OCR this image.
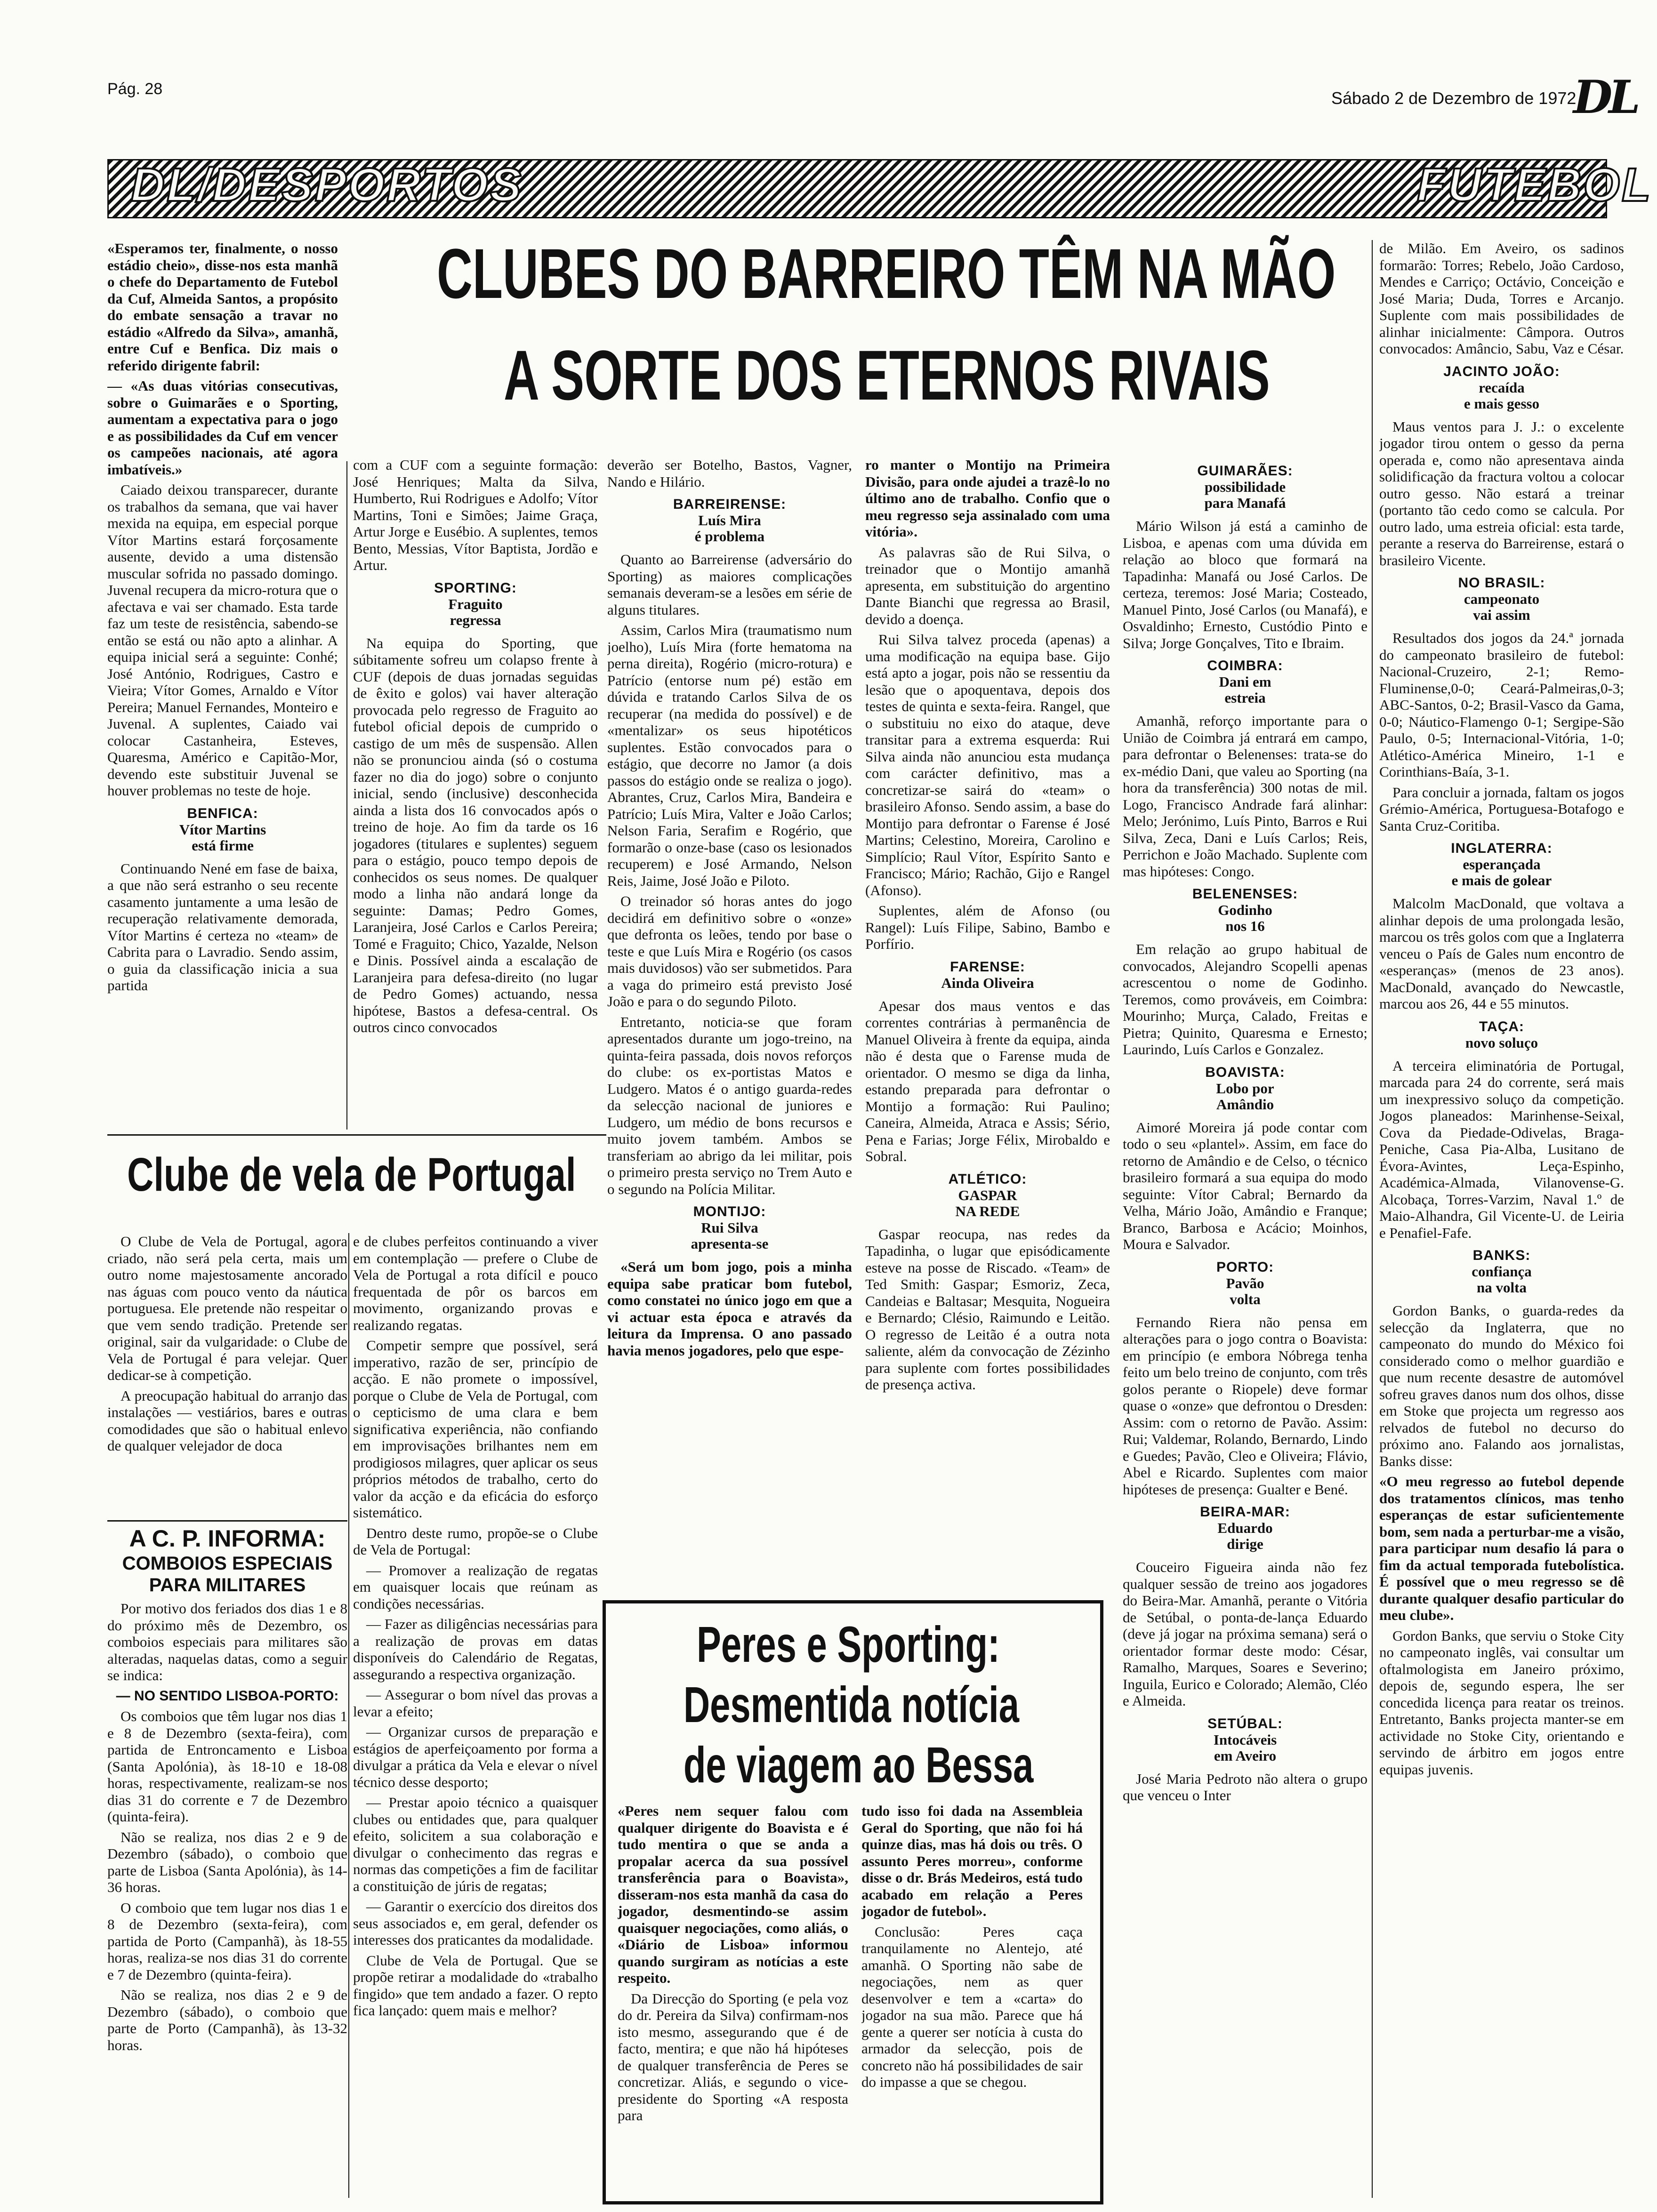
Pág. 28	Sábado 2 de Dezembro de 1972
DL
DL/DESPORTOS	FUTEBOL
CLUBES DO BARREIRO TÊM NA MÃO
A SORTE DOS ETERNOS RIVAIS

«Esperamos ter, finalmente, o nosso estádio cheio», disse-nos esta manhã o chefe do Departamento de Futebol da Cuf, Almeida Santos, a propósito do embate sensação a travar no estádio «Alfredo da Silva», amanhã, entre Cuf e Benfica. Diz mais o referido dirigente fabril:

— «As duas vitórias consecutivas, sobre o Guimarães e o Sporting, aumentam a expectativa para o jogo e as possibilidades da Cuf em vencer os campeões nacionais, até agora imbatíveis.»

Caiado deixou transparecer, durante os trabalhos da semana, que vai haver mexida na equipa, em especial porque Vítor Martins estará forçosamente ausente, devido a uma distensão muscular sofrida no passado domingo. Juvenal recupera da micro-rotura que o afectava e vai ser chamado. Esta tarde faz um teste de resistência, sabendo-se então se está ou não apto a alinhar. A equipa inicial será a seguinte: Conhé; José António, Rodrigues, Castro e Vieira; Vítor Gomes, Arnaldo e Vítor Pereira; Manuel Fernandes, Monteiro e Juvenal. A suplentes, Caiado vai colocar Castanheira, Esteves, Quaresma, Américo e Capitão-Mor, devendo este substituir Juvenal se houver problemas no teste de hoje.

BENFICA:
Vítor Martins
está firme

Continuando Nené em fase de baixa, a que não será estranho o seu recente casamento juntamente a uma lesão de recuperação relativamente demorada, Vítor Martins é certeza no «team» de Cabrita para o Lavradio. Sendo assim, o guia da classificação inicia a sua partida

com a CUF com a seguinte formação: José Henriques; Malta da Silva, Humberto, Rui Rodrigues e Adolfo; Vítor Martins, Toni e Simões; Jaime Graça, Artur Jorge e Eusébio. A suplentes, temos Bento, Messias, Vítor Baptista, Jordão e Artur.

SPORTING:
Fraguito
regressa

Na equipa do Sporting, que súbitamente sofreu um colapso frente à CUF (depois de duas jornadas seguidas de êxito e golos) vai haver alteração provocada pelo regresso de Fraguito ao futebol oficial depois de cumprido o castigo de um mês de suspensão. Allen não se pronunciou ainda (só o costuma fazer no dia do jogo) sobre o conjunto inicial, sendo (inclusive) desconhecida ainda a lista dos 16 convocados após o treino de hoje. Ao fim da tarde os 16 jogadores (titulares e suplentes) seguem para o estágio, pouco tempo depois de conhecidos os seus nomes. De qualquer modo a linha não andará longe da seguinte: Damas; Pedro Gomes, Laranjeira, José Carlos e Carlos Pereira; Tomé e Fraguito; Chico, Yazalde, Nelson e Dinis. Possível ainda a escalação de Laranjeira para defesa-direito (no lugar de Pedro Gomes) actuando, nessa hipótese, Bastos a defesa-central. Os outros cinco convocados

deverão ser Botelho, Bastos, Vagner, Nando e Hilário.

BARREIRENSE:
Luís Mira
é problema

Quanto ao Barreirense (adversário do Sporting) as maiores complicações semanais deveram-se a lesões em série de alguns titulares.

Assim, Carlos Mira (traumatismo num joelho), Luís Mira (forte hematoma na perna direita), Rogério (micro-rotura) e Patrício (entorse num pé) estão em dúvida e tratando Carlos Silva de os recuperar (na medida do possível) e de «mentalizar» os seus hipotéticos suplentes. Estão convocados para o estágio, que decorre no Jamor (a dois passos do estágio onde se realiza o jogo). Abrantes, Cruz, Carlos Mira, Bandeira e Patrício; Luís Mira, Valter e João Carlos; Nelson Faria, Serafim e Rogério, que formarão o onze-base (caso os lesionados recuperem) e José Armando, Nelson Reis, Jaime, José João e Piloto.

O treinador só horas antes do jogo decidirá em definitivo sobre o «onze» que defronta os leões, tendo por base o teste e que Luís Mira e Rogério (os casos mais duvidosos) vão ser submetidos. Para a vaga do primeiro está previsto José João e para o do segundo Piloto.

Entretanto, noticia-se que foram apresentados durante um jogo-treino, na quinta-feira passada, dois novos reforços do clube: os ex-portistas Matos e Ludgero. Matos é o antigo guarda-redes da selecção nacional de juniores e Ludgero, um médio de bons recursos e muito jovem também. Ambos se transferiam ao abrigo da lei militar, pois o primeiro presta serviço no Trem Auto e o segundo na Polícia Militar.

MONTIJO:
Rui Silva
apresenta-se

«Será um bom jogo, pois a minha equipa sabe praticar bom futebol, como constatei no único jogo em que a vi actuar esta época e através da leitura da Imprensa. O ano passado havia menos jogadores, pelo que espe-

ro manter o Montijo na Primeira Divisão, para onde ajudei a trazê-lo no último ano de trabalho. Confio que o meu regresso seja assinalado com uma vitória».

As palavras são de Rui Silva, o treinador que o Montijo amanhã apresenta, em substituição do argentino Dante Bianchi que regressa ao Brasil, devido a doença.

Rui Silva talvez proceda (apenas) a uma modificação na equipa base. Gijo está apto a jogar, pois não se ressentiu da lesão que o apoquentava, depois dos testes de quinta e sexta-feira. Rangel, que o substituiu no eixo do ataque, deve transitar para a extrema esquerda: Rui Silva ainda não anunciou esta mudança com carácter definitivo, mas a concretizar-se sairá do «team» o brasileiro Afonso. Sendo assim, a base do Montijo para defrontar o Farense é José Martins; Celestino, Moreira, Carolino e Simplício; Raul Vítor, Espírito Santo e Francisco; Mário; Rachão, Gijo e Rangel (Afonso).

Suplentes, além de Afonso (ou Rangel): Luís Filipe, Sabino, Bambo e Porfírio.

FARENSE:
Ainda Oliveira

Apesar dos maus ventos e das correntes contrárias à permanência de Manuel Oliveira à frente da equipa, ainda não é desta que o Farense muda de orientador. O mesmo se diga da linha, estando preparada para defrontar o Montijo a formação: Rui Paulino; Caneira, Almeida, Atraca e Assis; Sério, Pena e Farias; Jorge Félix, Mirobaldo e Sobral.

ATLÉTICO:
GASPAR
NA REDE

Gaspar reocupa, nas redes da Tapadinha, o lugar que episódicamente esteve na posse de Riscado. «Team» de Ted Smith: Gaspar; Esmoriz, Zeca, Candeias e Baltasar; Mesquita, Nogueira e Bernardo; Clésio, Raimundo e Leitão. O regresso de Leitão é a outra nota saliente, além da convocação de Zézinho para suplente com fortes possibilidades de presença activa.

GUIMARÃES:
possibilidade
para Manafá

Mário Wilson já está a caminho de Lisboa, e apenas com uma dúvida em relação ao bloco que formará na Tapadinha: Manafá ou José Carlos. De certeza, teremos: José Maria; Costeado, Manuel Pinto, José Carlos (ou Manafá), e Osvaldinho; Ernesto, Custódio Pinto e Silva; Jorge Gonçalves, Tito e Ibraim.

COIMBRA:
Dani em
estreia

Amanhã, reforço importante para o União de Coimbra já entrará em campo, para defrontar o Belenenses: trata-se do ex-médio Dani, que valeu ao Sporting (na hora da transferência) 300 notas de mil. Logo, Francisco Andrade fará alinhar: Melo; Jerónimo, Luís Pinto, Barros e Rui Silva, Zeca, Dani e Luís Carlos; Reis, Perrichon e João Machado. Suplente com mas hipóteses: Congo.

BELENENSES:
Godinho
nos 16

Em relação ao grupo habitual de convocados, Alejandro Scopelli apenas acrescentou o nome de Godinho. Teremos, como prováveis, em Coimbra: Mourinho; Murça, Calado, Freitas e Pietra; Quinito, Quaresma e Ernesto; Laurindo, Luís Carlos e Gonzalez.

BOAVISTA:
Lobo por
Amândio

Aimoré Moreira já pode contar com todo o seu «plantel». Assim, em face do retorno de Amândio e de Celso, o técnico brasileiro formará a sua equipa do modo seguinte: Vítor Cabral; Bernardo da Velha, Mário João, Amândio e Franque; Branco, Barbosa e Acácio; Moinhos, Moura e Salvador.

PORTO:
Pavão
volta

Fernando Riera não pensa em alterações para o jogo contra o Boavista: em princípio (e embora Nóbrega tenha feito um belo treino de conjunto, com três golos perante o Riopele) deve formar quase o «onze» que defrontou o Dresden: Assim: com o retorno de Pavão. Assim: Rui; Valdemar, Rolando, Bernardo, Lindo e Guedes; Pavão, Cleo e Oliveira; Flávio, Abel e Ricardo. Suplentes com maior hipóteses de presença: Gualter e Bené.

BEIRA-MAR:
Eduardo
dirige

Couceiro Figueira ainda não fez qualquer sessão de treino aos jogadores do Beira-Mar. Amanhã, perante o Vitória de Setúbal, o ponta-de-lança Eduardo (deve já jogar na próxima semana) será o orientador formar deste modo: César, Ramalho, Marques, Soares e Severino; Inguila, Eurico e Colorado; Alemão, Cléo e Almeida.

SETÚBAL:
Intocáveis
em Aveiro

José Maria Pedroto não altera o grupo que venceu o Inter

de Milão. Em Aveiro, os sadinos formarão: Torres; Rebelo, João Cardoso, Mendes e Carriço; Octávio, Conceição e José Maria; Duda, Torres e Arcanjo. Suplente com mais possibilidades de alinhar inicialmente: Câmpora. Outros convocados: Amâncio, Sabu, Vaz e César.

JACINTO JOÃO:
recaída
e mais gesso

Maus ventos para J. J.: o excelente jogador tirou ontem o gesso da perna operada e, como não apresentava ainda solidificação da fractura voltou a colocar outro gesso. Não estará a treinar (portanto tão cedo como se calcula. Por outro lado, uma estreia oficial: esta tarde, perante a reserva do Barreirense, estará o brasileiro Vicente.

NO BRASIL:
campeonato
vai assim

Resultados dos jogos da 24.ª jornada do campeonato brasileiro de futebol: Nacional-Cruzeiro, 2-1; Remo-Fluminense,0-0; Ceará-Palmeiras,0-3; ABC-Santos, 0-2; Brasil-Vasco da Gama, 0-0; Náutico-Flamengo 0-1; Sergipe-São Paulo, 0-5; Internacional-Vitória, 1-0; Atlético-América Mineiro, 1-1 e Corinthians-Baía, 3-1.

Para concluir a jornada, faltam os jogos Grémio-América, Portuguesa-Botafogo e Santa Cruz-Coritiba.

INGLATERRA:
esperançada
e mais de golear

Malcolm MacDonald, que voltava a alinhar depois de uma prolongada lesão, marcou os três golos com que a Inglaterra venceu o País de Gales num encontro de «esperanças» (menos de 23 anos). MacDonald, avançado do Newcastle, marcou aos 26, 44 e 55 minutos.

TAÇA:
novo soluço

A terceira eliminatória de Portugal, marcada para 24 do corrente, será mais um inexpressivo soluço da competição. Jogos planeados: Marinhense-Seixal, Cova da Piedade-Odivelas, Braga-Peniche, Casa Pia-Alba, Lusitano de Évora-Avintes, Leça-Espinho, Académica-Almada, Vilanovense-G. Alcobaça, Torres-Varzim, Naval 1.º de Maio-Alhandra, Gil Vicente-U. de Leiria e Penafiel-Fafe.

BANKS:
confiança
na volta

Gordon Banks, o guarda-redes da selecção da Inglaterra, que no campeonato do mundo do México foi considerado como o melhor guardião e que num recente desastre de automóvel sofreu graves danos num dos olhos, disse em Stoke que projecta um regresso aos relvados de futebol no decurso do próximo ano. Falando aos jornalistas, Banks disse:

«O meu regresso ao futebol depende dos tratamentos clínicos, mas tenho esperanças de estar suficientemente bom, sem nada a perturbar-me a visão, para participar num desafio lá para o fim da actual temporada futebolística. É possível que o meu regresso se dê durante qualquer desafio particular do meu clube».

Gordon Banks, que serviu o Stoke City no campeonato inglês, vai consultar um oftalmologista em Janeiro próximo, depois de, segundo espera, lhe ser concedida licença para reatar os treinos. Entretanto, Banks projecta manter-se em actividade no Stoke City, orientando e servindo de árbitro em jogos entre equipas juvenis.

Clube de vela de Portugal

O Clube de Vela de Portugal, agora criado, não será pela certa, mais um outro nome majestosamente ancorado nas águas com pouco vento da náutica portuguesa. Ele pretende não respeitar o que vem sendo tradição. Pretende ser original, sair da vulgaridade: o Clube de Vela de Portugal é para velejar. Quer dedicar-se à competição.

A preocupação habitual do arranjo das instalações — vestiários, bares e outras comodidades que são o habitual enlevo de qualquer velejador de doca

e de clubes perfeitos continuando a viver em contemplação — prefere o Clube de Vela de Portugal a rota difícil e pouco frequentada de pôr os barcos em movimento, organizando provas e realizando regatas.

Competir sempre que possível, será imperativo, razão de ser, princípio de acção. E não promete o impossível, porque o Clube de Vela de Portugal, com o cepticismo de uma clara e bem significativa experiência, não confiando em improvisações brilhantes nem em prodigiosos milagres, quer aplicar os seus próprios métodos de trabalho, certo do valor da acção e da eficácia do esforço sistemático.

Dentro deste rumo, propõe-se o Clube de Vela de Portugal:

— Promover a realização de regatas em quaisquer locais que reúnam as condições necessárias.

— Fazer as diligências necessárias para a realização de provas em datas disponíveis do Calendário de Regatas, assegurando a respectiva organização.

— Assegurar o bom nível das provas a levar a efeito;

— Organizar cursos de preparação e estágios de aperfeiçoamento por forma a divulgar a prática da Vela e elevar o nível técnico desse desporto;

— Prestar apoio técnico a quaisquer clubes ou entidades que, para qualquer efeito, solicitem a sua colaboração e divulgar o conhecimento das regras e normas das competições a fim de facilitar a constituição de júris de regatas;

— Garantir o exercício dos direitos dos seus associados e, em geral, defender os interesses dos praticantes da modalidade.

Clube de Vela de Portugal. Que se propõe retirar a modalidade do «trabalho fingido» que tem andado a fazer. O repto fica lançado: quem mais e melhor?

A C. P. INFORMA:
COMBOIOS ESPECIAIS
PARA MILITARES

Por motivo dos feriados dos dias 1 e 8 do próximo mês de Dezembro, os comboios especiais para militares são alteradas, naquelas datas, como a seguir se indica:

— NO SENTIDO LISBOA-PORTO:

Os comboios que têm lugar nos dias 1 e 8 de Dezembro (sexta-feira), com partida de Entroncamento e Lisboa (Santa Apolónia), às 18-10 e 18-08 horas, respectivamente, realizam-se nos dias 31 do corrente e 7 de Dezembro (quinta-feira).

Não se realiza, nos dias 2 e 9 de Dezembro (sábado), o comboio que parte de Lisboa (Santa Apolónia), às 14-36 horas.

O comboio que tem lugar nos dias 1 e 8 de Dezembro (sexta-feira), com partida de Porto (Campanhã), às 18-55 horas, realiza-se nos dias 31 do corrente e 7 de Dezembro (quinta-feira).

Não se realiza, nos dias 2 e 9 de Dezembro (sábado), o comboio que parte de Porto (Campanhã), às 13-32 horas.

Peres e Sporting:
Desmentida notícia
de viagem ao Bessa

«Peres nem sequer falou com qualquer dirigente do Boavista e é tudo mentira o que se anda a propalar acerca da sua possível transferência para o Boavista», disseram-nos esta manhã da casa do jogador, desmentindo-se assim quaisquer negociações, como aliás, o «Diário de Lisboa» informou quando surgiram as notícias a este respeito.

Da Direcção do Sporting (e pela voz do dr. Pereira da Silva) confirmam-nos isto mesmo, assegurando que é de facto, mentira; e que não há hipóteses de qualquer transferência de Peres se concretizar. Aliás, e segundo o vice-presidente do Sporting «A resposta para

tudo isso foi dada na Assembleia Geral do Sporting, que não foi há quinze dias, mas há dois ou três. O assunto Peres morreu», conforme disse o dr. Brás Medeiros, está tudo acabado em relação a Peres jogador de futebol».

Conclusão: Peres caça tranquilamente no Alentejo, até amanhã. O Sporting não sabe de negociações, nem as quer desenvolver e tem a «carta» do jogador na sua mão. Parece que há gente a querer ser notícia à custa do armador da selecção, pois de concreto não há possibilidades de sair do impasse a que se chegou.
